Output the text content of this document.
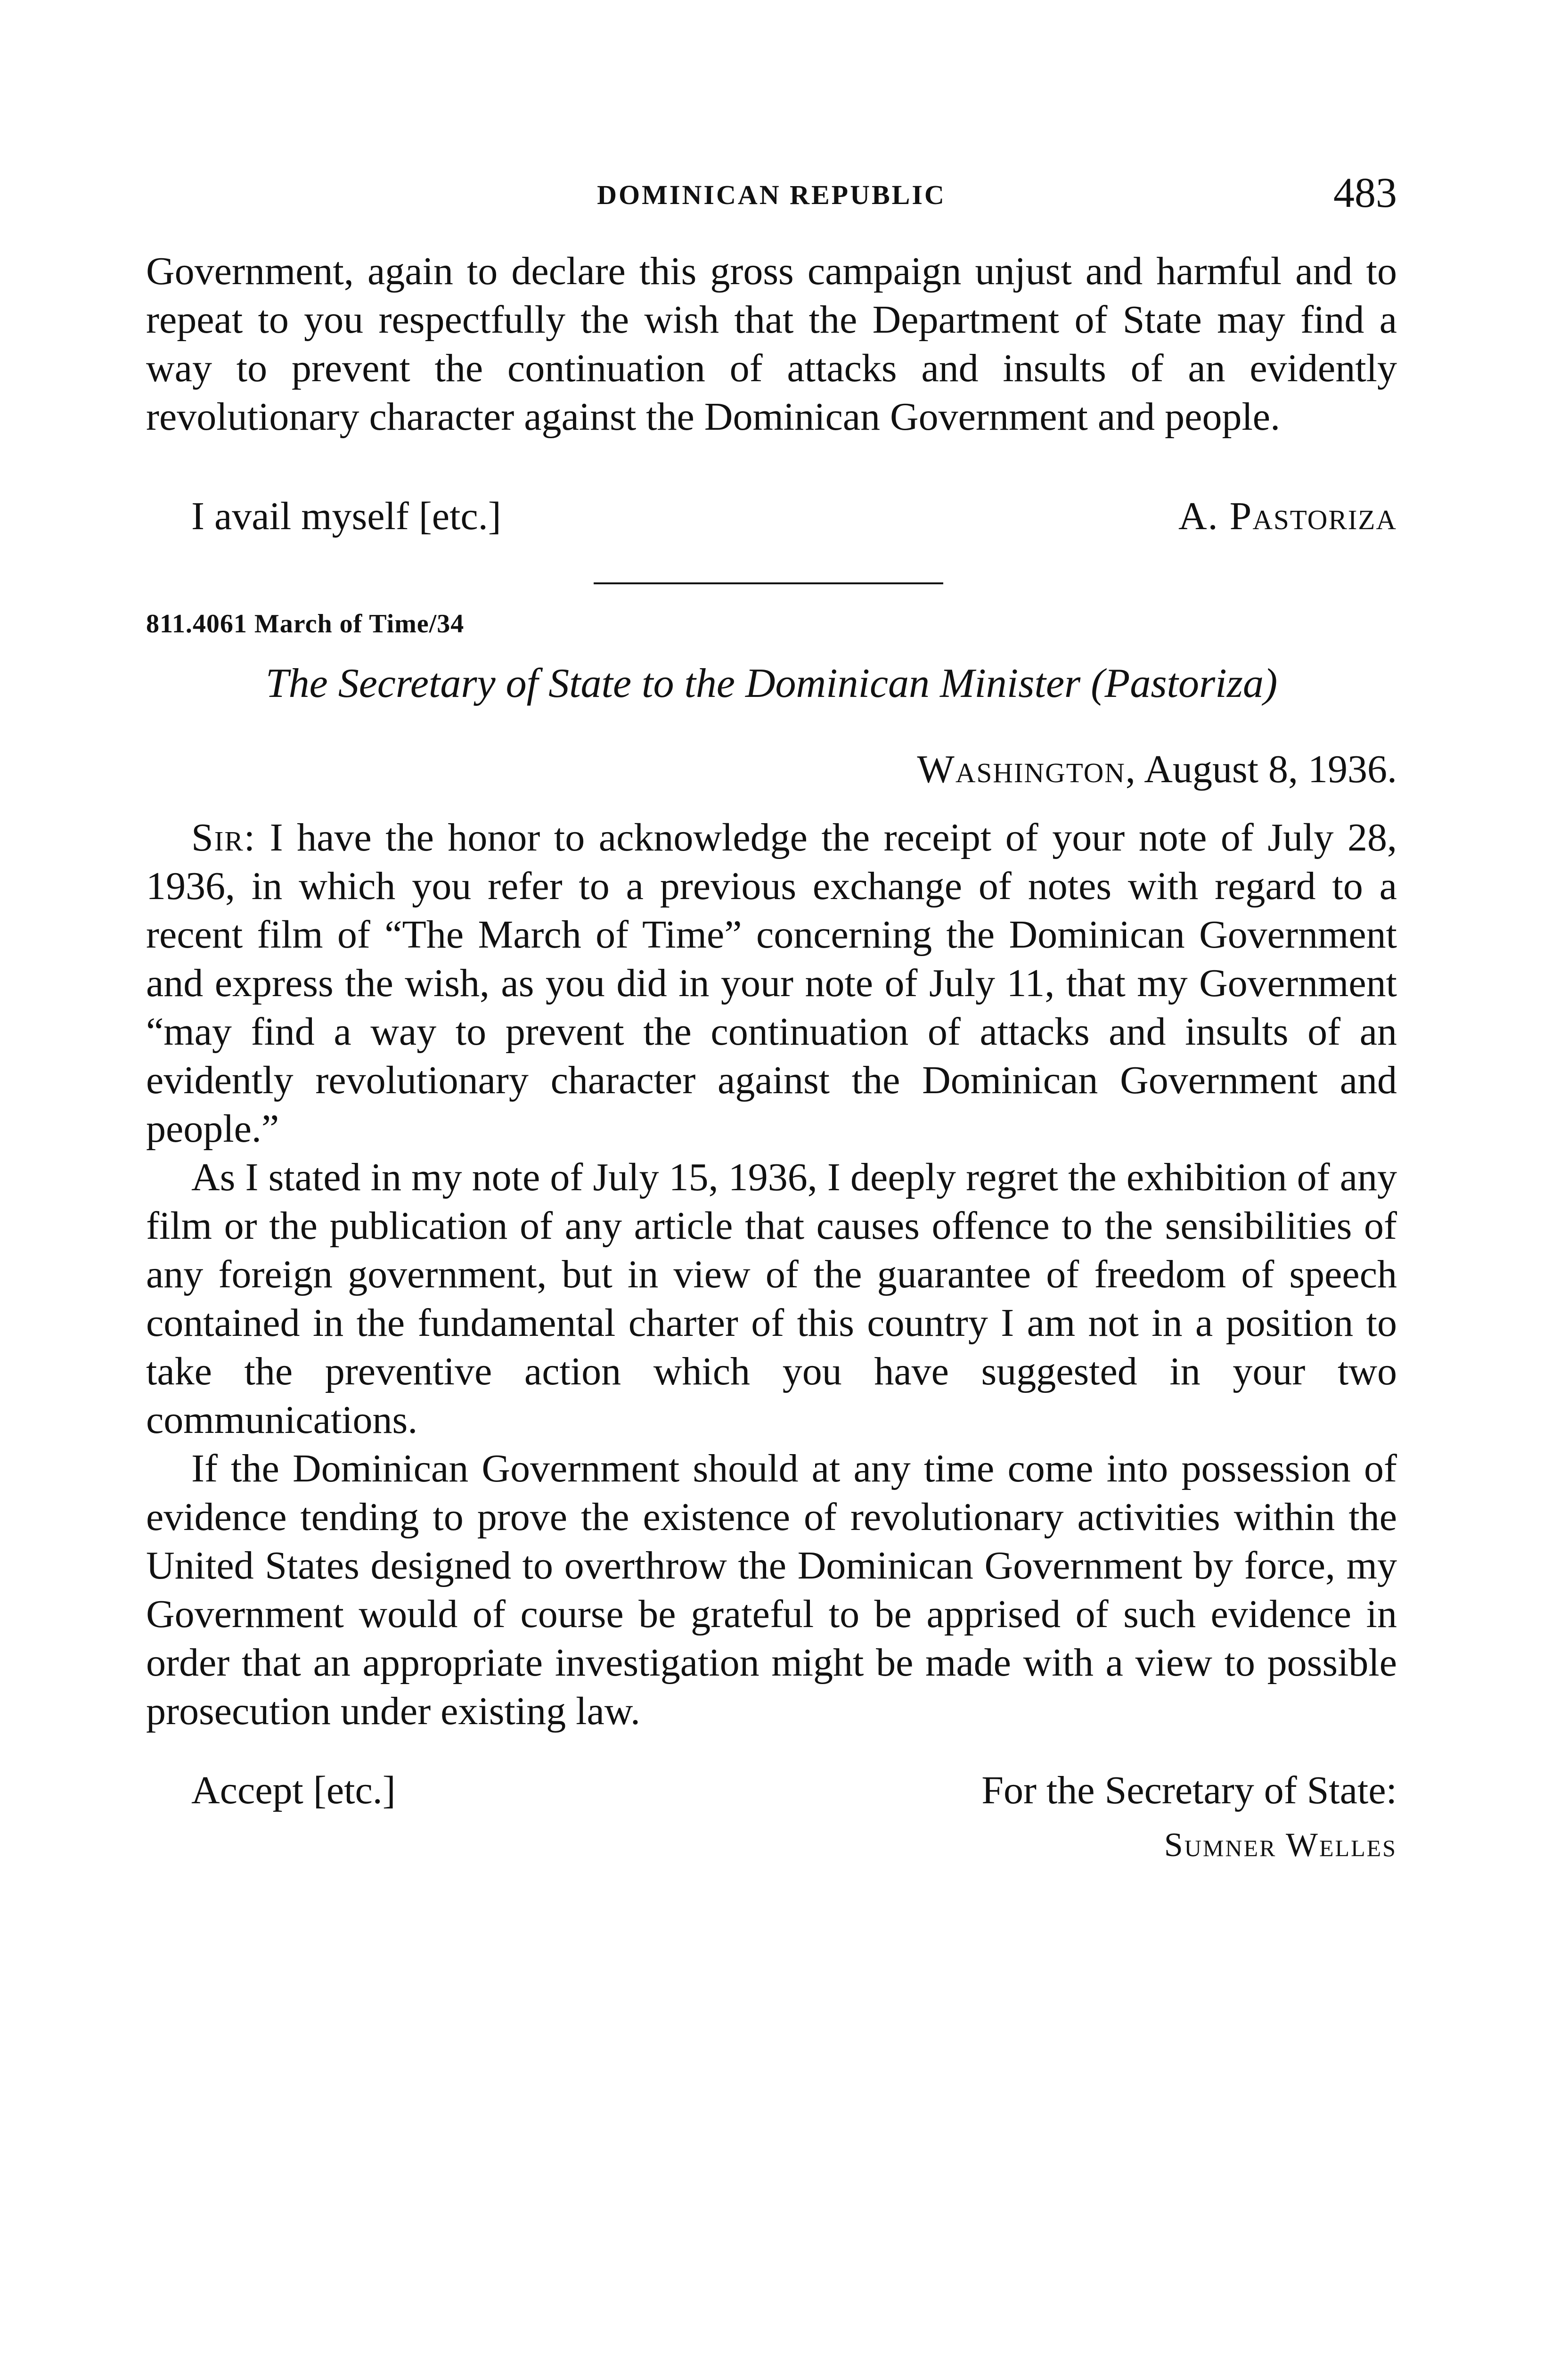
DOMINICAN REPUBLIC	483

Government, again to declare this gross campaign unjust and harmful and to repeat to you respectfully the wish that the Department of State may find a way to prevent the continuation of attacks and insults of an evidently revolutionary character against the Dominican Government and people.

I avail myself [etc.]	A. Pastoriza
811.4061 March of Time/34
The Secretary of State to the Dominican Minister (Pastoriza)
Washington, August 8, 1936.

Sir: I have the honor to acknowledge the receipt of your note of July 28, 1936, in which you refer to a previous exchange of notes with regard to a recent film of “The March of Time” concerning the Dominican Government and express the wish, as you did in your note of July 11, that my Government “may find a way to prevent the continuation of attacks and insults of an evidently revolutionary character against the Dominican Government and people.”

As I stated in my note of July 15, 1936, I deeply regret the exhibition of any film or the publication of any article that causes offence to the sensibilities of any foreign government, but in view of the guarantee of freedom of speech contained in the fundamental charter of this country I am not in a position to take the preventive action which you have suggested in your two communications.

If the Dominican Government should at any time come into possession of evidence tending to prove the existence of revolutionary activities within the United States designed to overthrow the Dominican Government by force, my Government would of course be grateful to be apprised of such evidence in order that an appropriate investigation might be made with a view to possible prosecution under existing law.

Accept [etc.]	For the Secretary of State:
Sumner Welles
